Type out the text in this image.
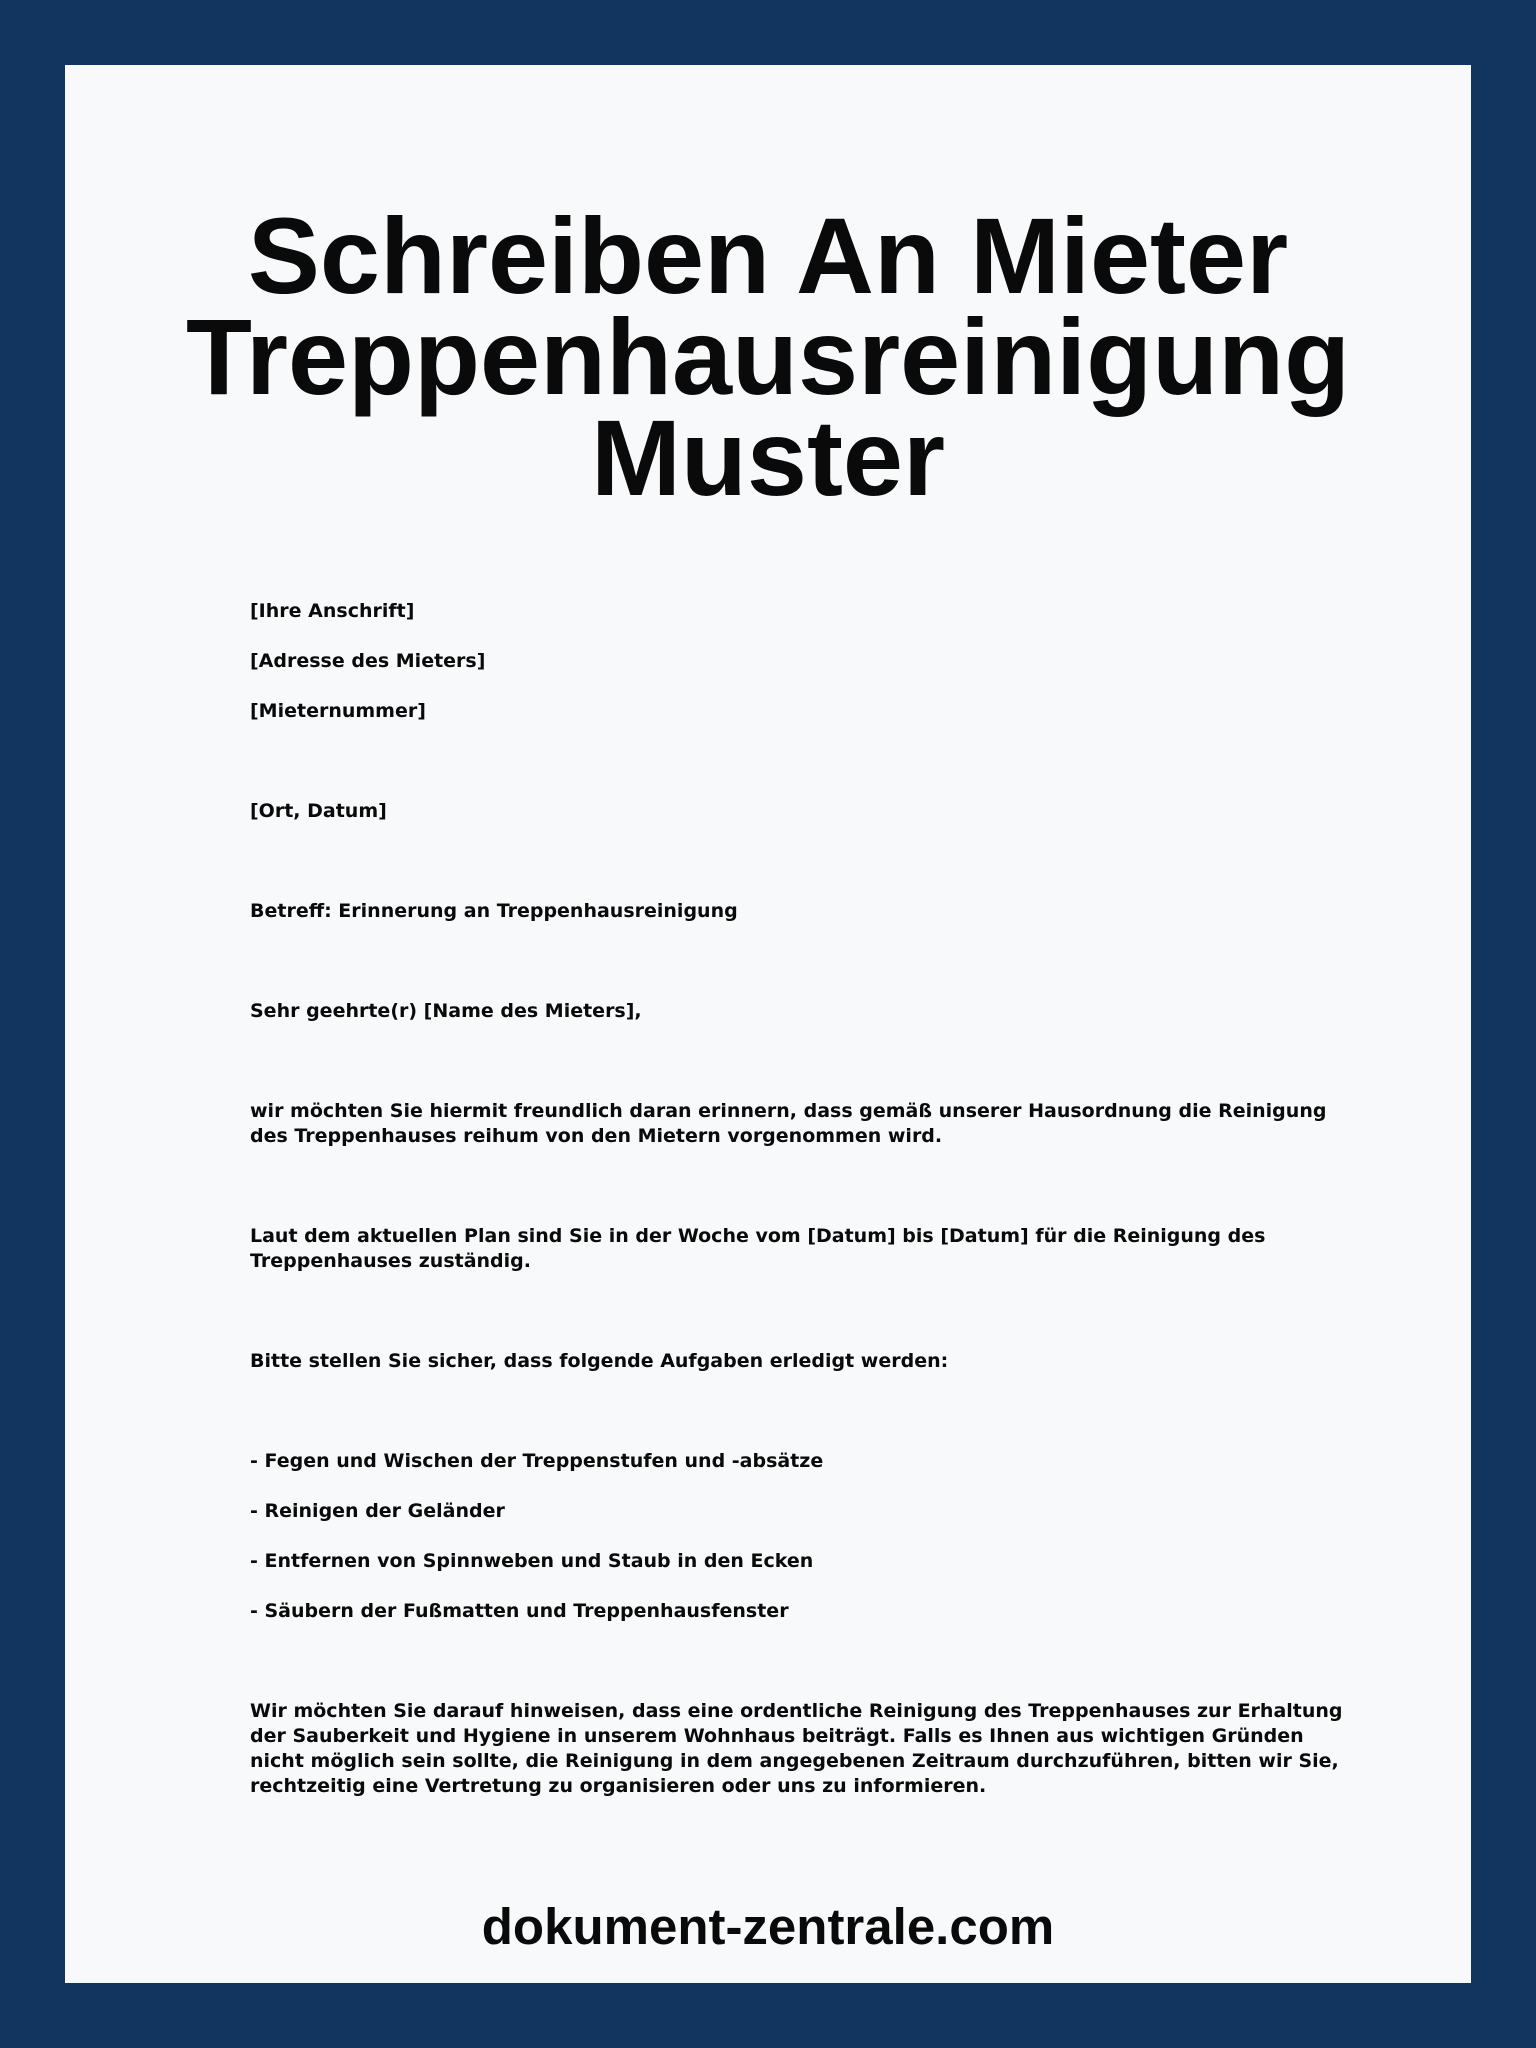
Schreiben An Mieter
Treppenhausreinigung
Muster

[Ihre Anschrift]

[Adresse des Mieters]

[Mieternummer]

[Ort, Datum]

Betreff: Erinnerung an Treppenhausreinigung

Sehr geehrte(r) [Name des Mieters],

wir möchten Sie hiermit freundlich daran erinnern, dass gemäß unserer Hausordnung die Reinigung des Treppenhauses reihum von den Mietern vorgenommen wird.

Laut dem aktuellen Plan sind Sie in der Woche vom [Datum] bis [Datum] für die Reinigung des Treppenhauses zuständig.

Bitte stellen Sie sicher, dass folgende Aufgaben erledigt werden:

- Fegen und Wischen der Treppenstufen und -absätze

- Reinigen der Geländer

- Entfernen von Spinnweben und Staub in den Ecken

- Säubern der Fußmatten und Treppenhausfenster

Wir möchten Sie darauf hinweisen, dass eine ordentliche Reinigung des Treppenhauses zur Erhaltung der Sauberkeit und Hygiene in unserem Wohnhaus beiträgt. Falls es Ihnen aus wichtigen Gründen nicht möglich sein sollte, die Reinigung in dem angegebenen Zeitraum durchzuführen, bitten wir Sie, rechtzeitig eine Vertretung zu organisieren oder uns zu informieren.

dokument-zentrale.com
